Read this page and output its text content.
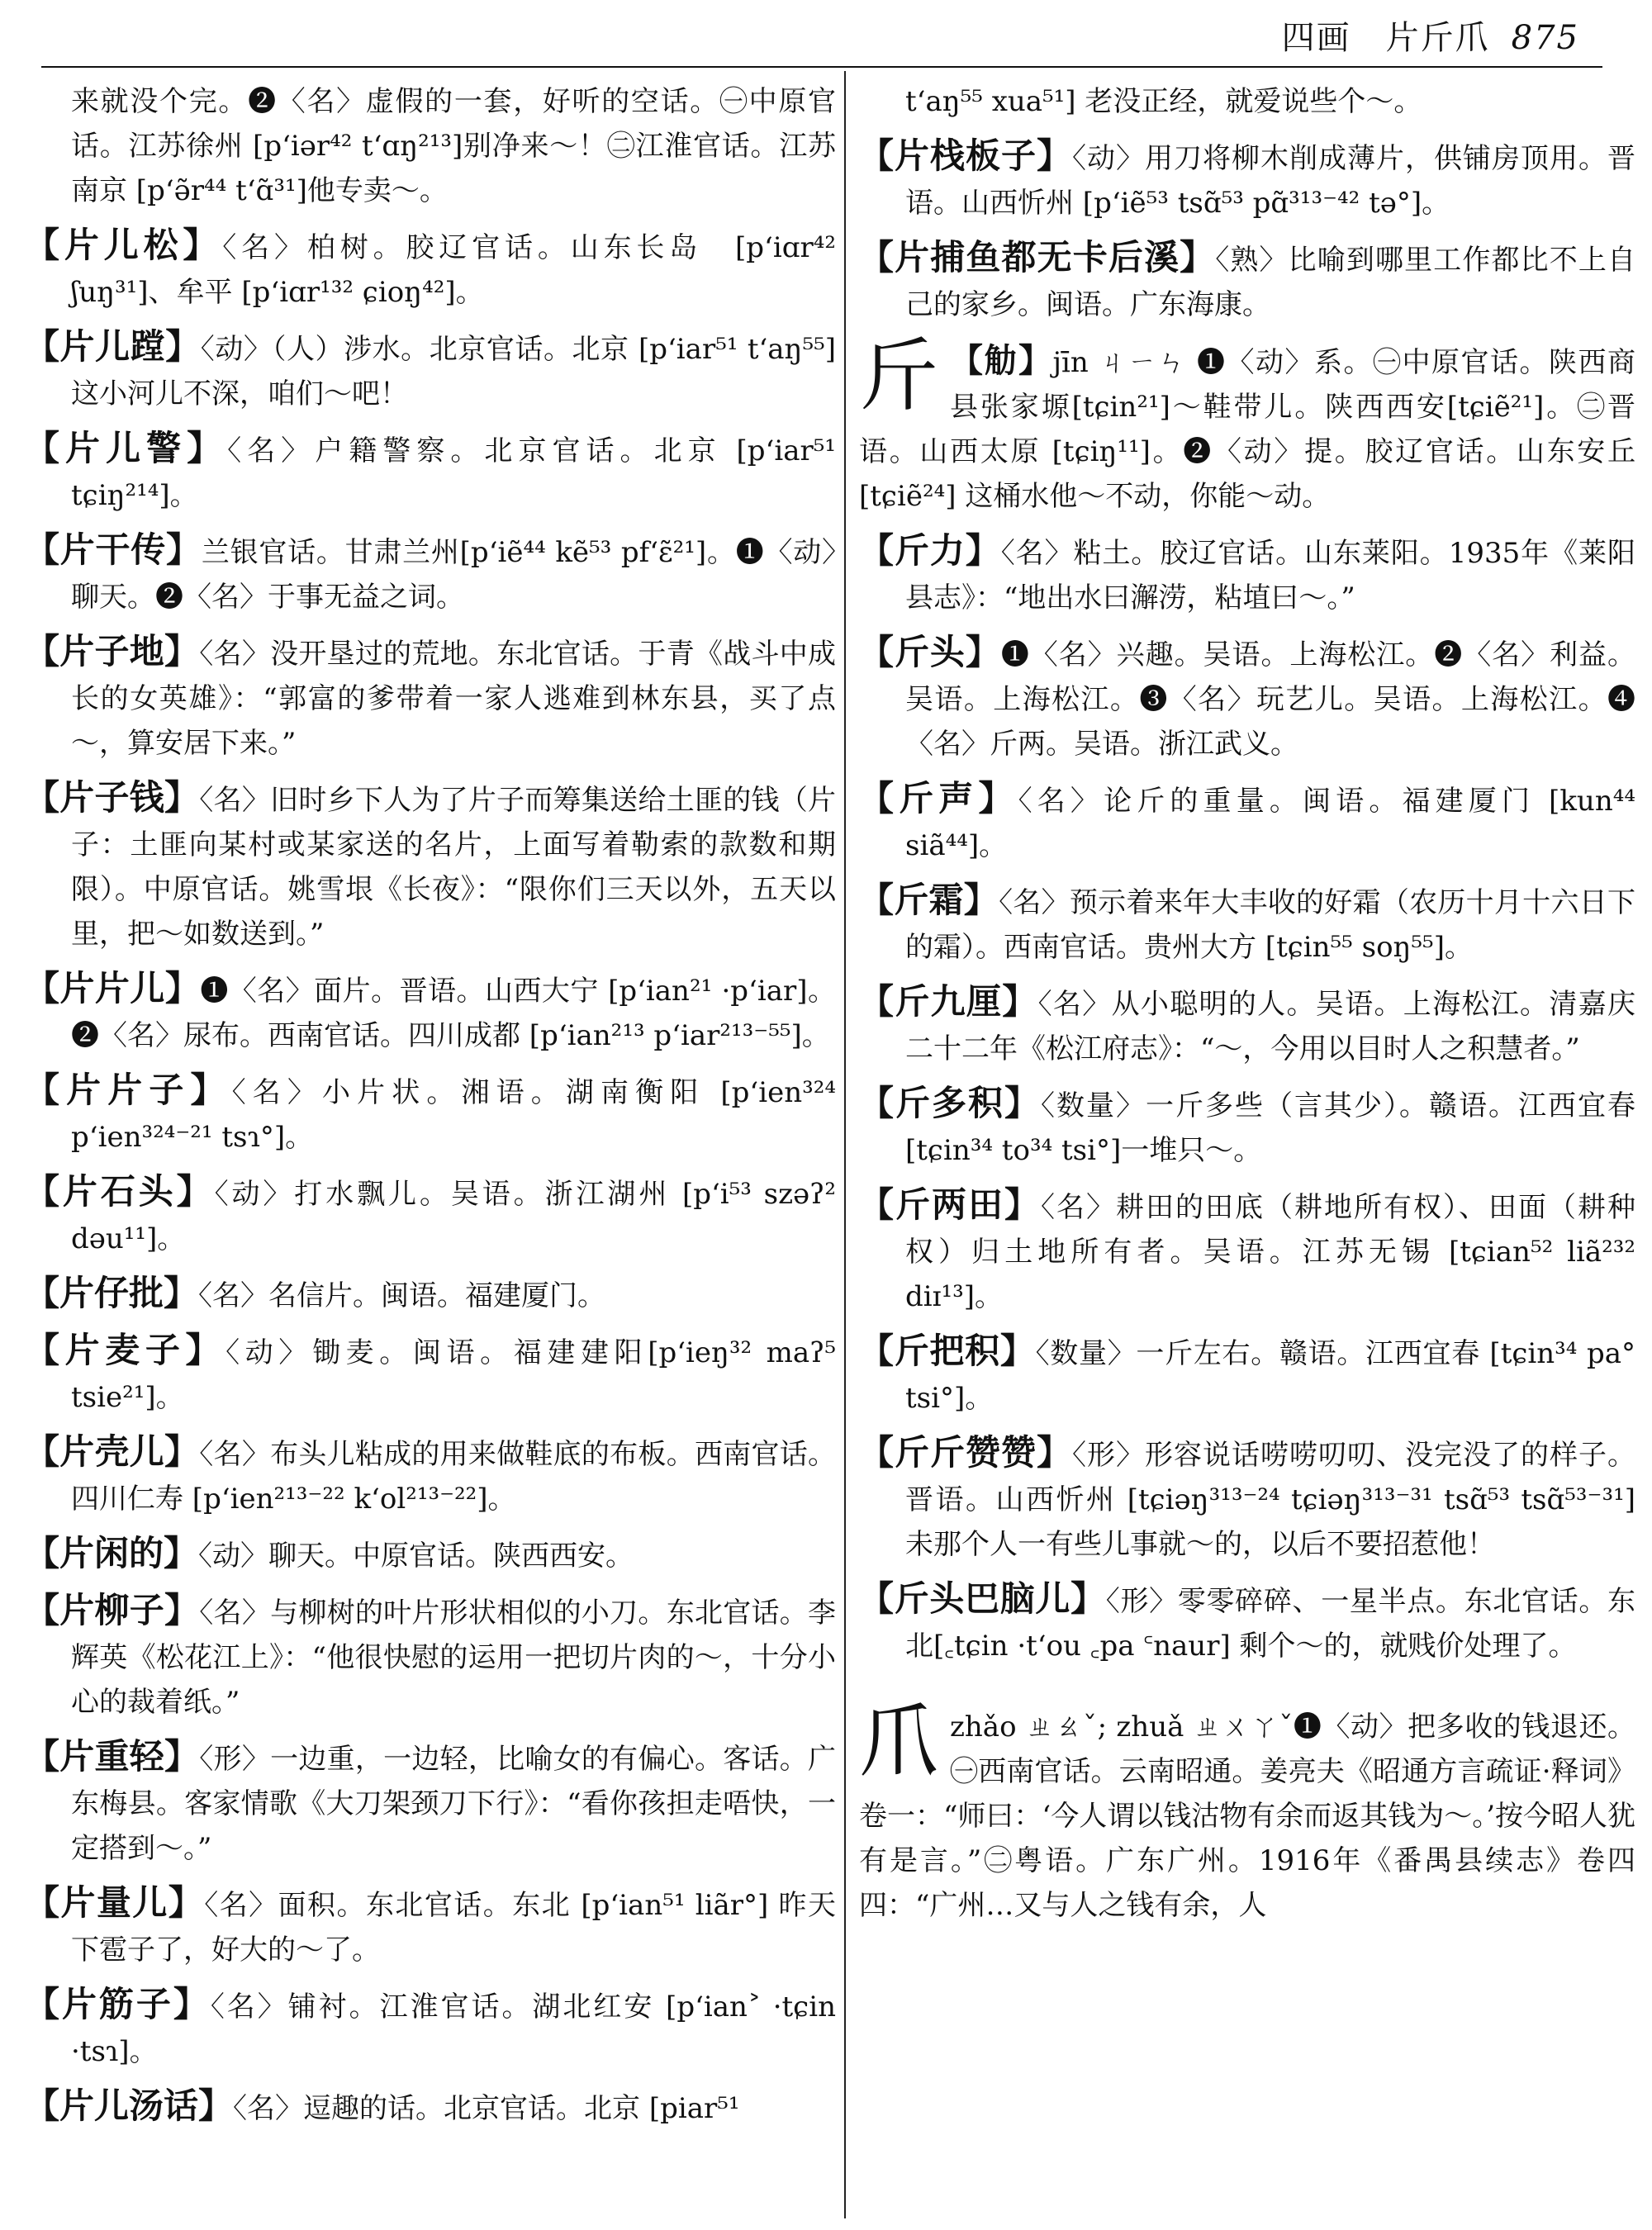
四画　片斤爪 875

来就没个完。❷〈名〉虚假的一套，好听的空话。㊀中原官话。江苏徐州 [pʻiər⁴² tʻɑŋ²¹³]别净来～！㊁江淮官话。江苏南京 [pʻə̃r⁴⁴ tʻɑ̃³¹]他专卖～。

【片儿松】〈名〉柏树。胶辽官话。山东长岛　[pʻiɑr⁴² ʃuŋ³¹]、牟平 [pʻiɑr¹³² ɕioŋ⁴²]。

【片儿蹚】〈动〉（人）涉水。北京官话。北京 [pʻiar⁵¹ tʻaŋ⁵⁵] 这小河儿不深，咱们～吧！

【片儿警】〈名〉户籍警察。北京官话。北京 [pʻiar⁵¹ tɕiŋ²¹⁴]。

【片干传】兰银官话。甘肃兰州[pʻiẽ⁴⁴ kẽ⁵³ pfʻɛ̃²¹]。❶〈动〉聊天。❷〈名〉于事无益之词。

【片子地】〈名〉没开垦过的荒地。东北官话。于青《战斗中成长的女英雄》：“郭富的爹带着一家人逃难到林东县，买了点～，算安居下来。”

【片子钱】〈名〉旧时乡下人为了片子而筹集送给土匪的钱（片子：土匪向某村或某家送的名片，上面写着勒索的款数和期限）。中原官话。姚雪垠《长夜》：“限你们三天以外，五天以里，把～如数送到。”

【片片儿】❶〈名〉面片。晋语。山西大宁 [pʻian²¹ ·pʻiar]。❷〈名〉尿布。西南官话。四川成都 [pʻian²¹³ pʻiar²¹³⁻⁵⁵]。

【片片子】〈名〉小片状。湘语。湖南衡阳 [pʻien³²⁴ pʻien³²⁴⁻²¹ tsɿ°]。

【片石头】〈动〉打水飘儿。吴语。浙江湖州 [pʻi⁵³ szəʔ² dəu¹¹]。

【片仔批】〈名〉名信片。闽语。福建厦门。

【片麦子】〈动〉锄麦。闽语。福建建阳[pʻieŋ³² maʔ⁵ tsie²¹]。

【片壳儿】〈名〉布头儿粘成的用来做鞋底的布板。西南官话。四川仁寿 [pʻien²¹³⁻²² kʻol²¹³⁻²²]。

【片闲的】〈动〉聊天。中原官话。陕西西安。

【片柳子】〈名〉与柳树的叶片形状相似的小刀。东北官话。李辉英《松花江上》：“他很快慰的运用一把切片肉的～，十分小心的裁着纸。”

【片重轻】〈形〉一边重，一边轻，比喻女的有偏心。客话。广东梅县。客家情歌《大刀架颈刀下行》：“看你孩担走唔快，一定搭到～。”

【片量儿】〈名〉面积。东北官话。东北 [pʻian⁵¹ liãr°] 昨天下雹子了，好大的～了。

【片筋子】〈名〉铺衬。江淮官话。湖北红安 [pʻian˃ ·tɕin ·tsɿ]。

【片儿汤话】〈名〉逗趣的话。北京官话。北京 [piar⁵¹

tʻaŋ⁵⁵ xua⁵¹] 老没正经，就爱说些个～。

【片栈板子】〈动〉用刀将柳木削成薄片，供铺房顶用。晋语。山西忻州 [pʻiẽ⁵³ tsɑ̃⁵³ pɑ̃³¹³⁻⁴² tə°]。

【片捕鱼都无卡后溪】〈熟〉比喻到哪里工作都比不上自己的家乡。闽语。广东海康。

斤 【觔】jīn ㄐㄧㄣ ❶〈动〉系。㊀中原官话。陕西商县张家塬[tɕin²¹]～鞋带儿。陕西西安[tɕiẽ²¹]。㊁晋语。山西太原 [tɕiŋ¹¹]。❷〈动〉提。胶辽官话。山东安丘 [tɕiẽ²⁴] 这桶水他～不动，你能～动。

【斤力】〈名〉粘土。胶辽官话。山东莱阳。1935年《莱阳县志》：“地出水曰澥涝，粘埴曰～。”

【斤头】❶〈名〉兴趣。吴语。上海松江。❷〈名〉利益。吴语。上海松江。❸〈名〉玩艺儿。吴语。上海松江。❹〈名〉斤两。吴语。浙江武义。

【斤声】〈名〉论斤的重量。闽语。福建厦门 [kun⁴⁴ siã⁴⁴]。

【斤霜】〈名〉预示着来年大丰收的好霜（农历十月十六日下的霜）。西南官话。贵州大方 [tɕin⁵⁵ soŋ⁵⁵]。

【斤九厘】〈名〉从小聪明的人。吴语。上海松江。清嘉庆二十二年《松江府志》：“～，今用以目时人之积慧者。”

【斤多积】〈数量〉一斤多些（言其少）。赣语。江西宜春[tɕin³⁴ to³⁴ tsi°]一堆只～。

【斤两田】〈名〉耕田的田底（耕地所有权）、田面（耕种权）归土地所有者。吴语。江苏无锡 [tɕian⁵² liã²³² diɪ¹³]。

【斤把积】〈数量〉一斤左右。赣语。江西宜春 [tɕin³⁴ pa° tsi°]。

【斤斤赞赞】〈形〉形容说话唠唠叨叨、没完没了的样子。晋语。山西忻州 [tɕiəŋ³¹³⁻²⁴ tɕiəŋ³¹³⁻³¹ tsɑ̃⁵³ tsɑ̃⁵³⁻³¹] 未那个人一有些儿事就～的，以后不要招惹他！

【斤头巴脑儿】〈形〉零零碎碎、一星半点。东北官话。东北[꜀tɕin ·tʻou ꜀pa ꜂naur] 剩个～的，就贱价处理了。

爪zhǎo ㄓㄠˇ; zhuǎ ㄓㄨㄚˇ❶〈动〉把多收的钱退还。㊀西南官话。云南昭通。姜亮夫《昭通方言疏证·释词》卷一：“师曰：‘今人谓以钱沽物有余而返其钱为～。’按今昭人犹有是言。”㊁粤语。广东广州。1916年《番禺县续志》卷四四：“广州…又与人之钱有余，人
